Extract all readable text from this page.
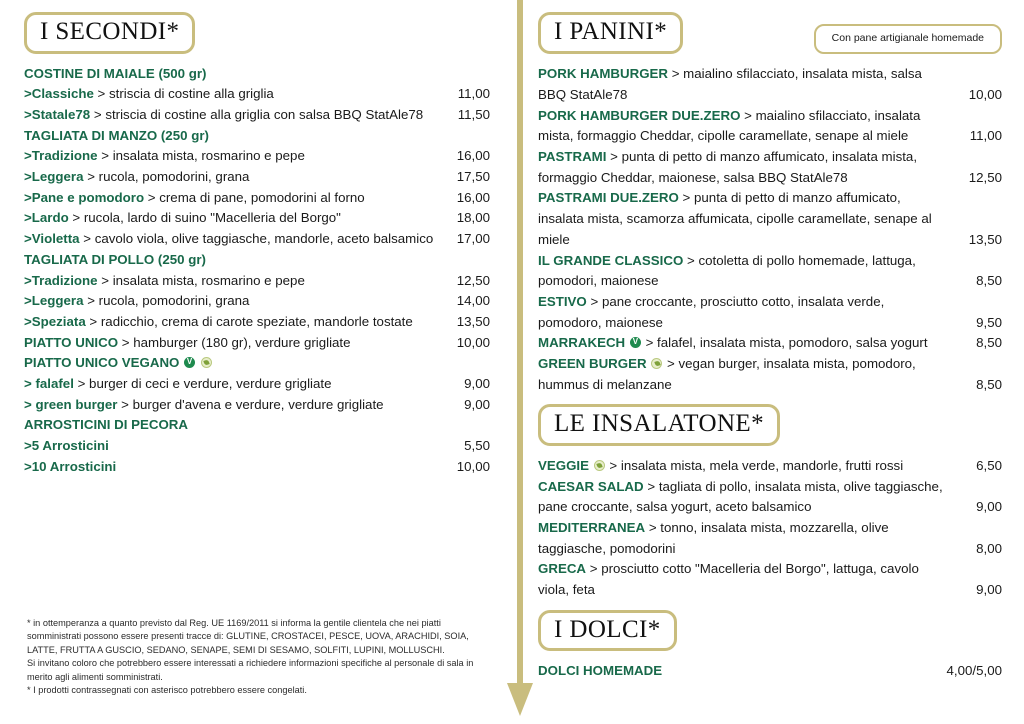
I SECONDI*
COSTINE DI MAIALE (500 gr)
>Classiche > striscia di costine alla griglia	11,00
>Statale78 > striscia di costine alla griglia con salsa BBQ StatAle78	11,50
TAGLIATA DI MANZO (250 gr)
>Tradizione > insalata mista, rosmarino e pepe	16,00
>Leggera > rucola, pomodorini, grana	17,50
>Pane e pomodoro > crema di pane, pomodorini al forno	16,00
>Lardo > rucola, lardo di suino "Macelleria del Borgo"	18,00
>Violetta > cavolo viola, olive taggiasche, mandorle, aceto balsamico 17,00
TAGLIATA DI POLLO (250 gr)
>Tradizione > insalata mista, rosmarino e pepe	12,50
>Leggera > rucola, pomodorini, grana	14,00
>Speziata > radicchio, crema di carote speziate, mandorle tostate	13,50
PIATTO UNICO > hamburger (180 gr), verdure grigliate	10,00
PIATTO UNICO VEGANO V
> falafel > burger di ceci e verdure, verdure grigliate	9,00
> green burger > burger d'avena e verdure, verdure grigliate	9,00
ARROSTICINI DI PECORA
>5 Arrosticini	5,50
>10 Arrosticini	10,00
I PANINI*	Con pane artigianale homemade
PORK HAMBURGER > maialino sfilacciato, insalata mista, salsa BBQ StatAle78	10,00
PORK HAMBURGER DUE.ZERO > maialino sfilacciato, insalata mista, formaggio Cheddar, cipolle caramellate, senape al miele	11,00
PASTRAMI > punta di petto di manzo affumicato, insalata mista, formaggio Cheddar, maionese, salsa BBQ StatAle78	12,50
PASTRAMI DUE.ZERO > punta di petto di manzo affumicato, insalata mista, scamorza affumicata, cipolle caramellate, senape al miele	13,50
IL GRANDE CLASSICO > cotoletta di pollo homemade, lattuga, pomodori, maionese	8,50
ESTIVO > pane croccante, prosciutto cotto, insalata verde, pomodoro, maionese	9,50
MARRAKECH V > falafel, insalata mista, pomodoro, salsa yogurt	8,50
GREEN BURGER  > vegan burger, insalata mista, pomodoro, hummus di melanzane	8,50
LE INSALATONE*
VEGGIE  > insalata mista, mela verde, mandorle, frutti rossi	6,50
CAESAR SALAD > tagliata di pollo, insalata mista, olive taggiasche, pane croccante, salsa yogurt, aceto balsamico	9,00
MEDITERRANEA > tonno, insalata mista, mozzarella, olive taggiasche, pomodorini	8,00
GRECA > prosciutto cotto "Macelleria del Borgo", lattuga, cavolo viola, feta	9,00
I DOLCI*
DOLCI HOMEMADE	4,00/5,00

* in ottemperanza a quanto previsto dal Reg. UE 1169/2011 si informa la gentile clientela che nei piatti somministrati possono essere presenti tracce di: GLUTINE, CROSTACEI, PESCE, UOVA, ARACHIDI, SOIA, LATTE, FRUTTA A GUSCIO, SEDANO, SENAPE, SEMI DI SESAMO, SOLFITI, LUPINI, MOLLUSCHI.

Si invitano coloro che potrebbero essere interessati a richiedere informazioni specifiche al personale di sala in merito agli alimenti somministrati.

* I prodotti contrassegnati con asterisco potrebbero essere congelati.
